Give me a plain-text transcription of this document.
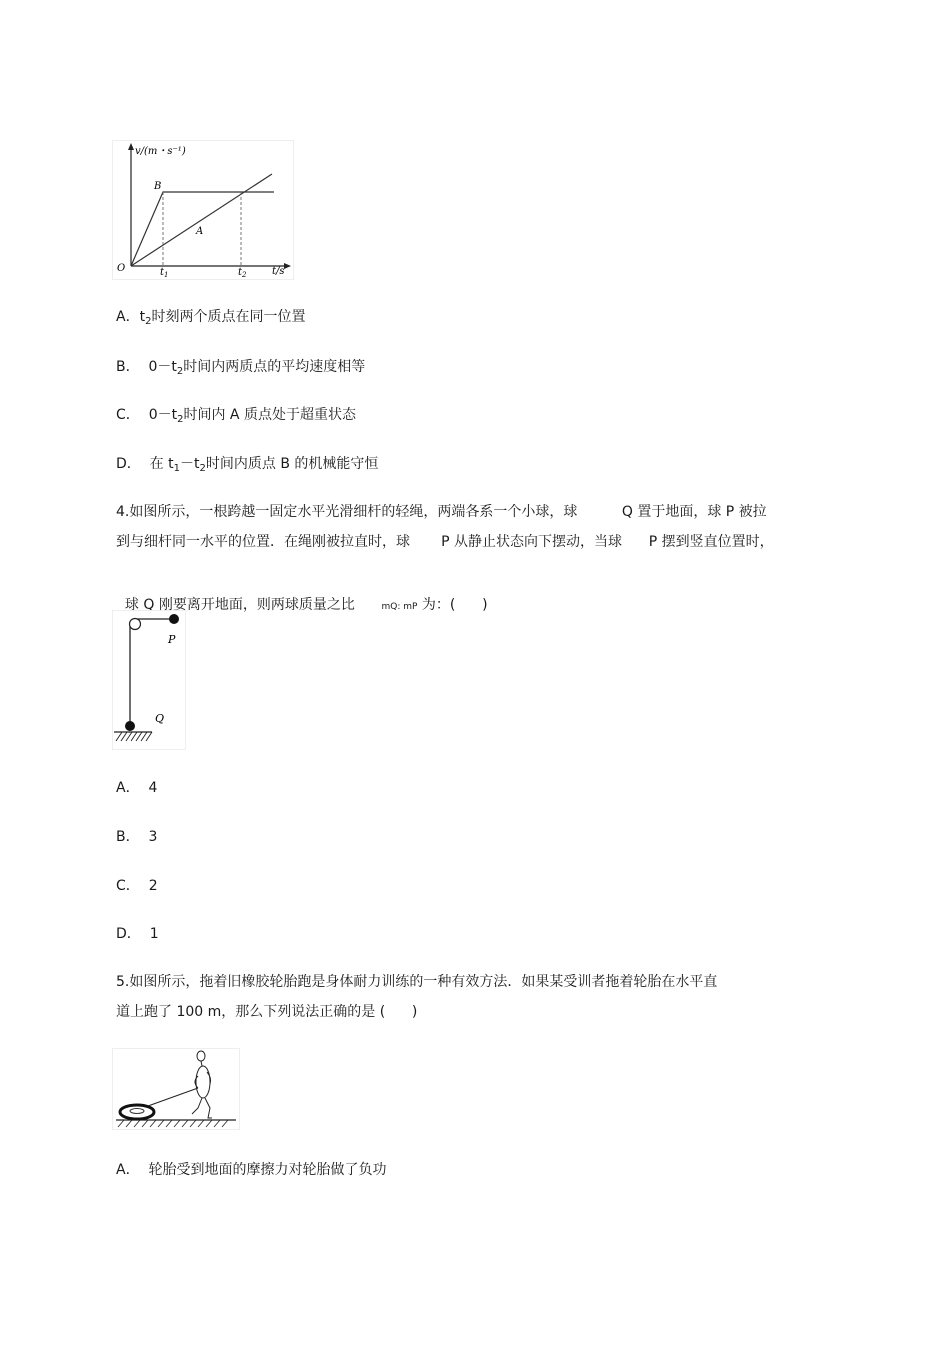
v/(m・s⁻¹)
t/s
O
B
A
$t_1$	$t_2$
A．$t_2$时刻两个质点在同一位置
B． $0-t_2$时间内两质点的平均速度相等
C． $0-t_2$时间内 A 质点处于超重状态
D． 在 $t_1-t_2$时间内质点 B 的机械能守恒
4.如图所示，一根跨越一固定水平光滑细杆的轻绳，两端各系一个小球，球          Q 置于地面，球 P 被拉
到与细杆同一水平的位置．在绳刚被拉直时，球       P 从静止状态向下摆动，当球      P 摆到竖直位置时，

球 Q 刚要离开地面，则两球质量之比	mQ: mP 为：(      )

P
Q
A． 4
B． 3
C． 2
D． 1
5.如图所示，拖着旧橡胶轮胎跑是身体耐力训练的一种有效方法．如果某受训者拖着轮胎在水平直
道上跑了 100 m，那么下列说法正确的是 (      )
A． 轮胎受到地面的摩擦力对轮胎做了负功
